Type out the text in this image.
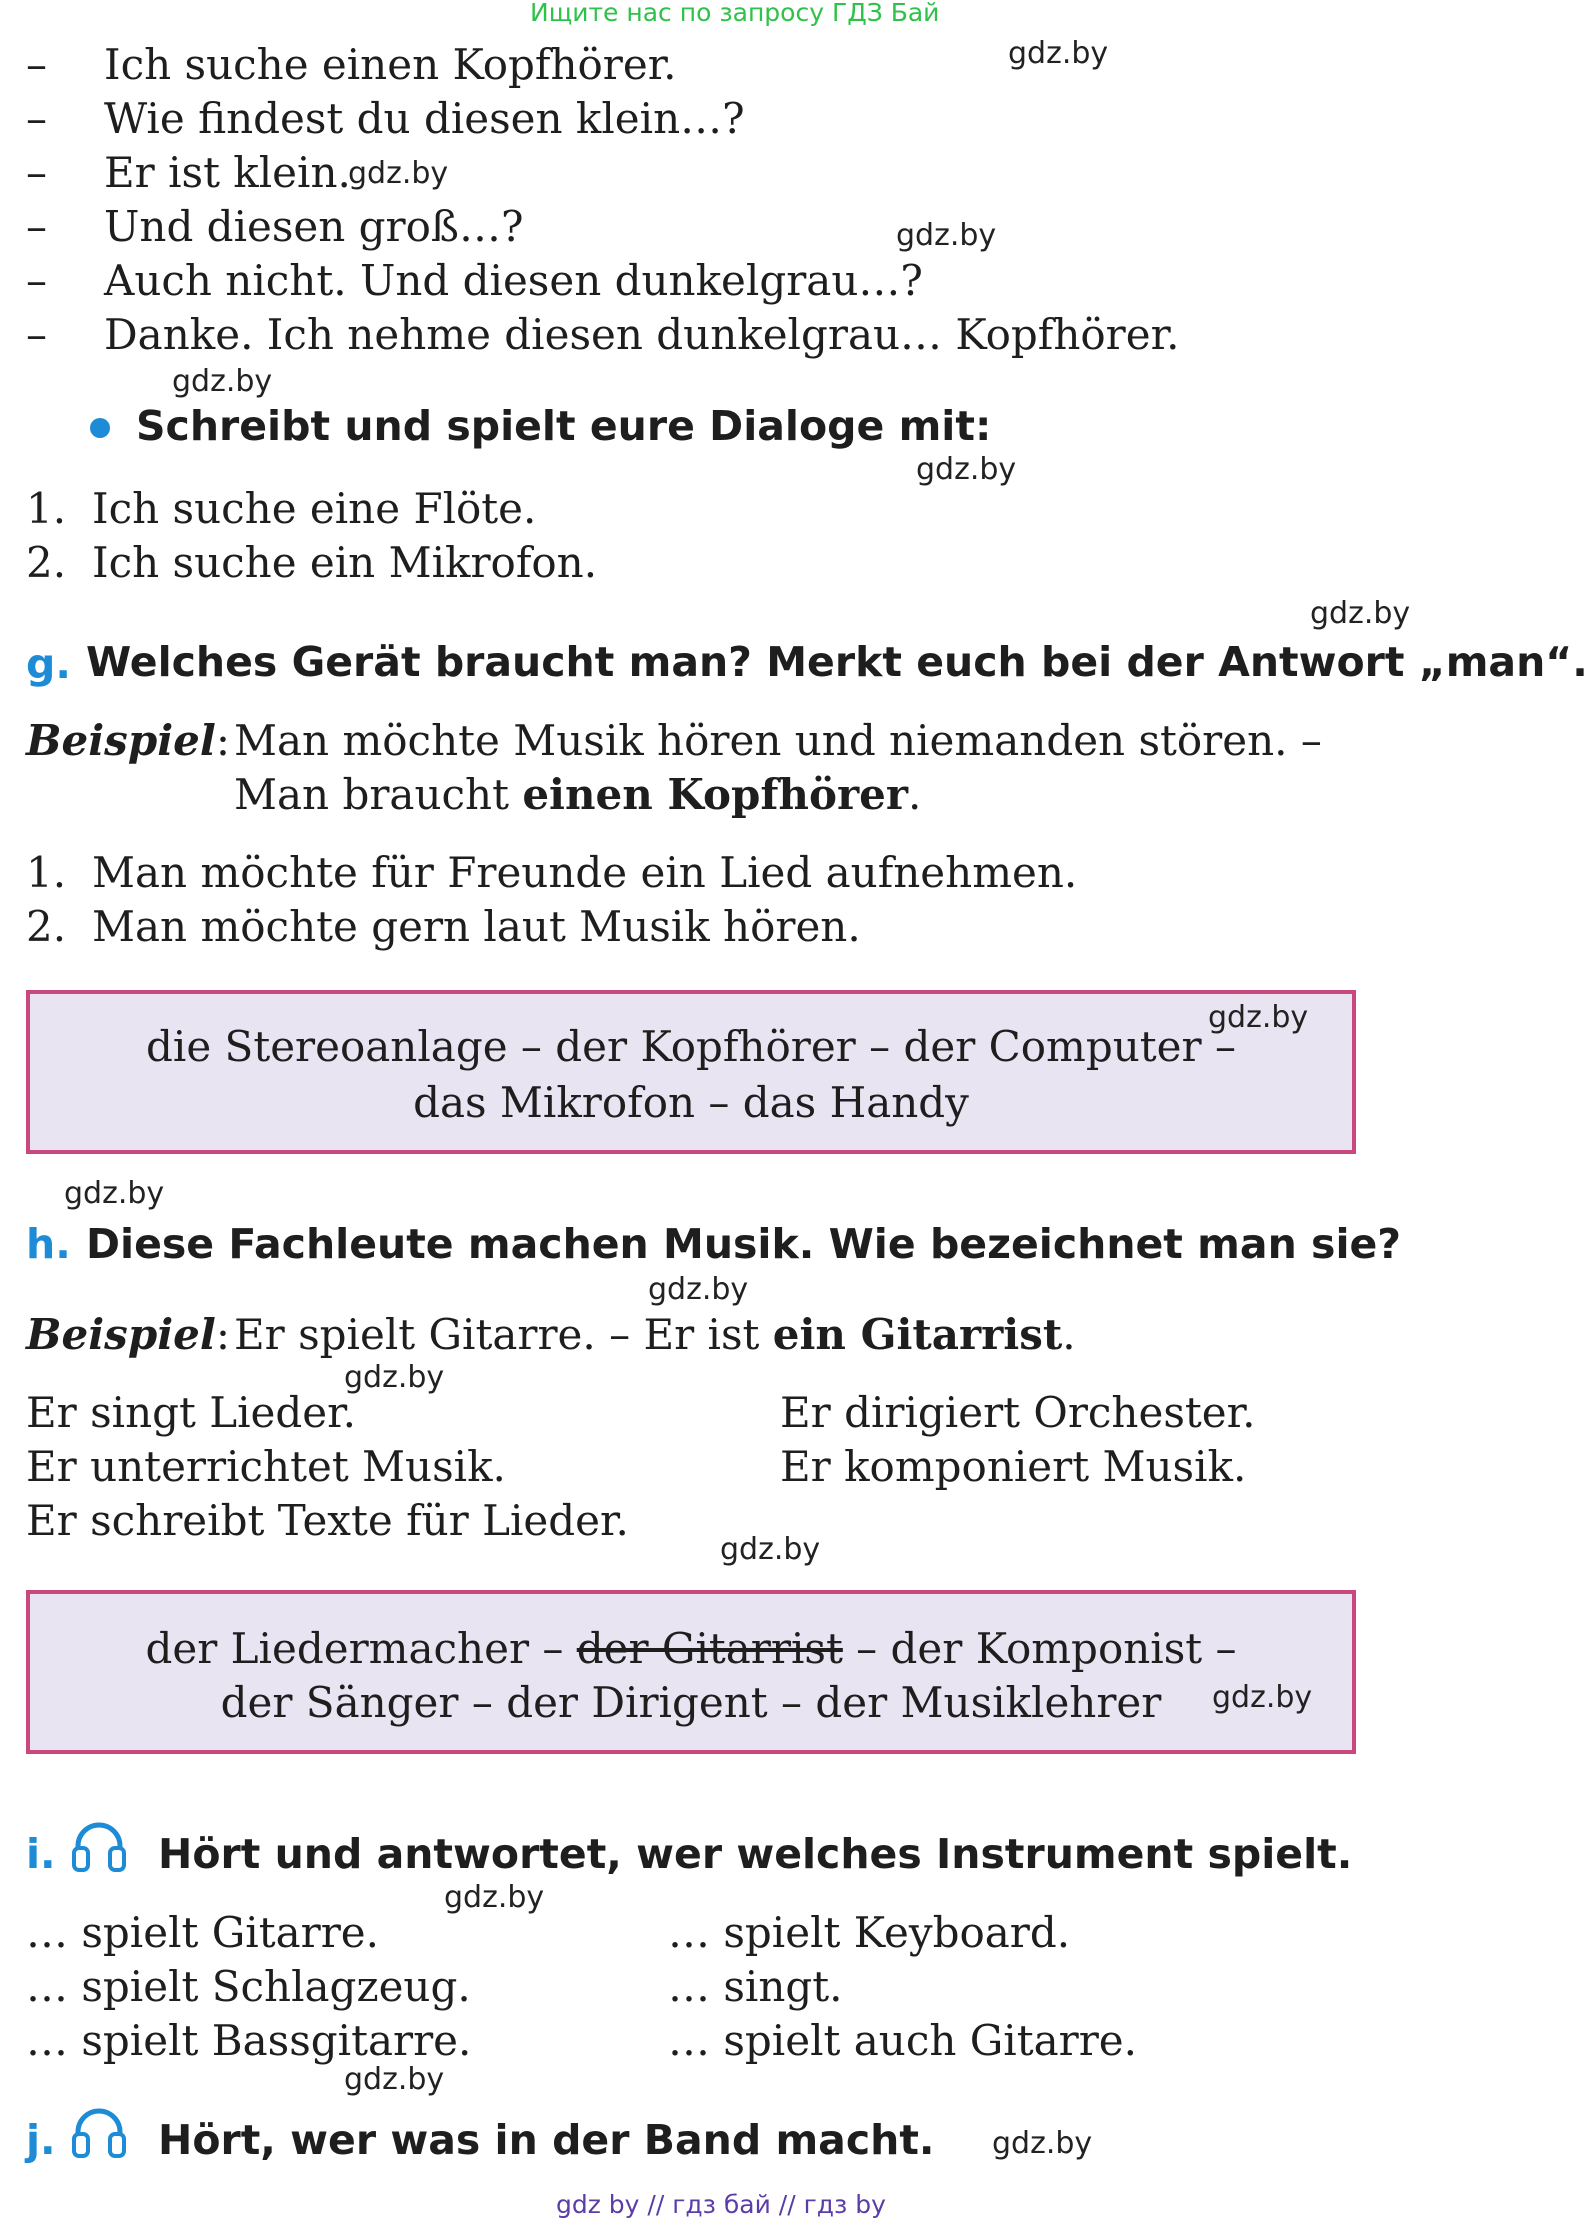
Ищите нас по запросу ГДЗ Бай
– Ich suche einen Kopfhörer.
– Wie findest du diesen klein…?
– Er ist klein.
– Und diesen groß…?
– Auch nicht. Und diesen dunkelgrau…?
– Danke. Ich nehme diesen dunkelgrau… Kopfhörer.
Schreibt und spielt eure Dialoge mit:
1. Ich suche eine Flöte.
2. Ich suche ein Mikrofon.
g. Welches Gerät braucht man? Merkt euch bei der Antwort „man“.
Beispiel: Man möchte Musik hören und niemanden stören. –
Man braucht einen Kopfhörer.
1. Man möchte für Freunde ein Lied aufnehmen.
2. Man möchte gern laut Musik hören.
die Stereoanlage – der Kopfhörer – der Computer –
das Mikrofon – das Handy
h. Diese Fachleute machen Musik. Wie bezeichnet man sie?
Beispiel: Er spielt Gitarre. – Er ist ein Gitarrist.
Er singt Lieder.
Er unterrichtet Musik.
Er schreibt Texte für Lieder.
Er dirigiert Orchester.
Er komponiert Musik.
der Liedermacher – der Gitarrist – der Komponist –
der Sänger – der Dirigent – der Musiklehrer
i. Hört und antwortet, wer welches Instrument spielt.
… spielt Gitarre.
… spielt Schlagzeug.
… spielt Bassgitarre.
… spielt Keyboard.
… singt.
… spielt auch Gitarre.
j. Hört, wer was in der Band macht.
gdz.by
gdz.by
gdz.by
gdz.by
gdz.by
gdz.by
gdz.by
gdz.by
gdz.by
gdz.by
gdz.by
gdz.by
gdz.by
gdz.by
gdz.by
gdz by // гдз бай // гдз by
